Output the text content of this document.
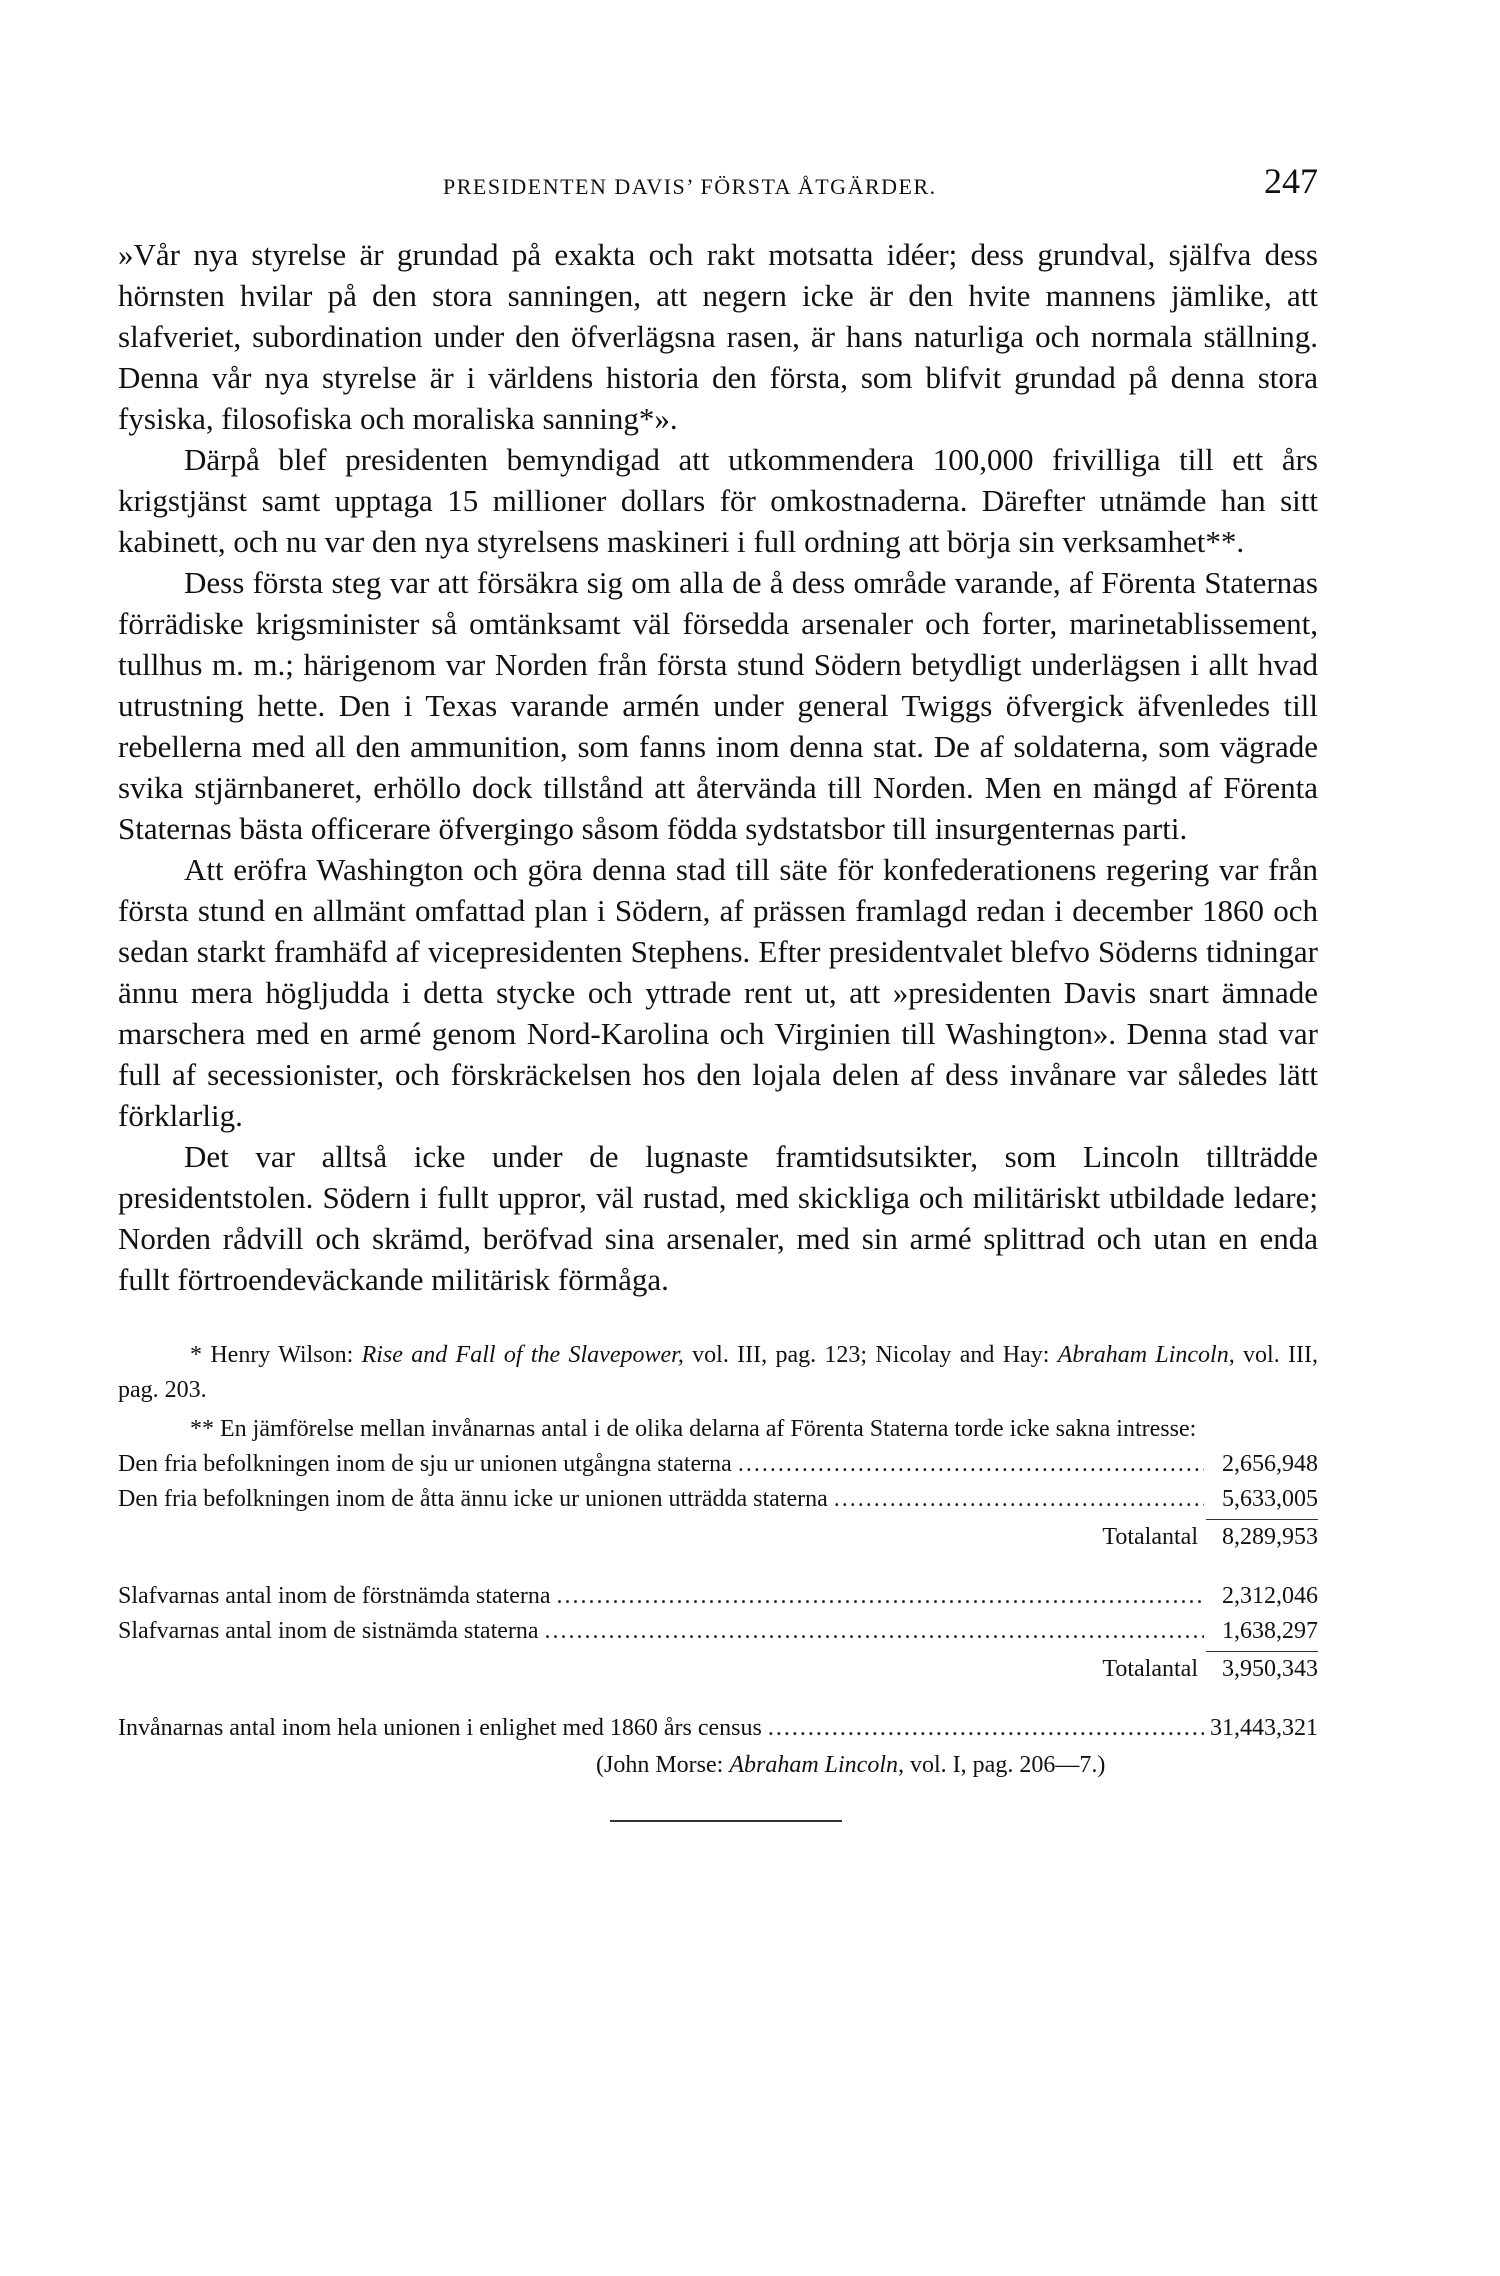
PRESIDENTEN DAVIS’ FÖRSTA ÅTGÄRDER.	247

»Vår nya styrelse är grundad på exakta och rakt motsatta idéer; dess grundval, själfva dess hörnsten hvilar på den stora sanningen, att negern icke är den hvite mannens jämlike, att slafveriet, subordination under den öfverlägsna rasen, är hans naturliga och normala ställning. Denna vår nya styrelse är i världens historia den första, som blifvit grundad på denna stora fysiska, filosofiska och moraliska sanning*».

Därpå blef presidenten bemyndigad att utkommendera 100,000 frivilliga till ett års krigstjänst samt upptaga 15 millioner dollars för omkostnaderna. Därefter utnämde han sitt kabinett, och nu var den nya styrelsens maskineri i full ordning att börja sin verksamhet**.

Dess första steg var att försäkra sig om alla de å dess område varande, af Förenta Staternas förrädiske krigsminister så omtänksamt väl försedda arsenaler och forter, marinetablissement, tullhus m. m.; härigenom var Norden från första stund Södern betydligt underlägsen i allt hvad utrustning hette. Den i Texas varande armén under general Twiggs öfvergick äfvenledes till rebellerna med all den ammunition, som fanns inom denna stat. De af soldaterna, som vägrade svika stjärnbaneret, erhöllo dock tillstånd att återvända till Norden. Men en mängd af Förenta Staternas bästa officerare öfvergingo såsom födda sydstatsbor till insurgenternas parti.

Att eröfra Washington och göra denna stad till säte för konfederationens regering var från första stund en allmänt omfattad plan i Södern, af prässen framlagd redan i december 1860 och sedan starkt framhäfd af vicepresidenten Stephens. Efter presidentvalet blefvo Söderns tidningar ännu mera högljudda i detta stycke och yttrade rent ut, att »presidenten Davis snart ämnade marschera med en armé genom Nord-Karolina och Virginien till Washington». Denna stad var full af secessionister, och förskräckelsen hos den lojala delen af dess invånare var således lätt förklarlig.

Det var alltså icke under de lugnaste framtidsutsikter, som Lincoln tillträdde presidentstolen. Södern i fullt uppror, väl rustad, med skickliga och militäriskt utbildade ledare; Norden rådvill och skrämd, beröfvad sina arsenaler, med sin armé splittrad och utan en enda fullt förtroendeväckande militärisk förmåga.

* Henry Wilson: Rise and Fall of the Slavepower, vol. III, pag. 123; Nicolay and Hay: Abraham Lincoln, vol. III, pag. 203.

** En jämförelse mellan invånarnas antal i de olika delarna af Förenta Staterna torde icke sakna intresse:

Den fria befolkningen inom de sju ur unionen utgångna staterna .....	2,656,948
Den fria befolkningen inom de åtta ännu icke ur unionen utträdda staterna .....	5,633,005
Totalantal	8,289,953
Slafvarnas antal inom de förstnämda staterna .....	2,312,046
Slafvarnas antal inom de sistnämda staterna .....	1,638,297
Totalantal	3,950,343
Invånarnas antal inom hela unionen i enlighet med 1860 års census .....	31,443,321
(John Morse: Abraham Lincoln, vol. I, pag. 206—7.)
